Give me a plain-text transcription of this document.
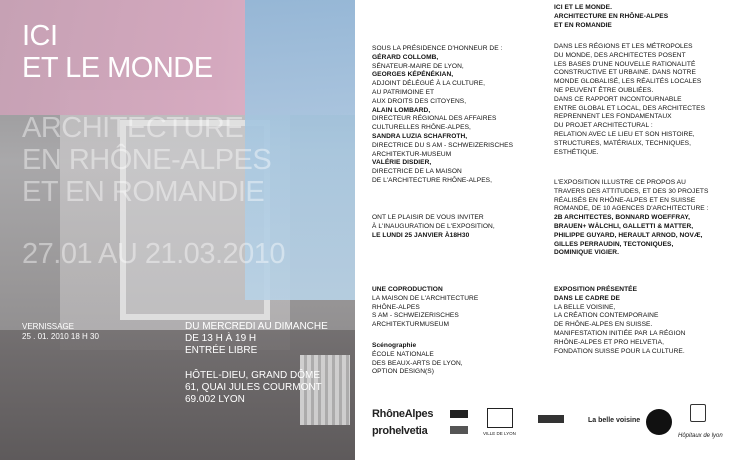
ICI
ET LE MONDE
ARCHITECTURE
EN RHÔNE-ALPES
ET EN ROMANDIE
27.01 AU 21.03.2010
VERNISSAGE
25 . 01. 2010 18 H 30
DU MERCREDI AU DIMANCHE
DE 13 H À 19 H
ENTRÉE LIBRE
HÔTEL-DIEU, GRAND DÔME
61, QUAI JULES COURMONT
69.002 LYON

SOUS LA PRÉSIDENCE D'HONNEUR DE :

GÉRARD COLLOMB,

SÉNATEUR-MAIRE DE LYON,

GEORGES KÉPÉNÉKIAN,

ADJOINT DÉLÉGUÉ À LA CULTURE,

AU PATRIMOINE ET

AUX DROITS DES CITOYENS,

ALAIN LOMBARD,

DIRECTEUR RÉGIONAL DES AFFAIRES

CULTURELLES RHÔNE-ALPES,

SANDRA LUZIA SCHAFROTH,

DIRECTRICE DU S AM - SCHWEIZERISCHES

ARCHITEKTUR-MUSEUM

VALÉRIE DISDIER,

DIRECTRICE DE LA MAISON

DE L'ARCHITECTURE RHÔNE-ALPES,

ONT LE PLAISIR DE VOUS INVITER

À L'INAUGURATION DE L'EXPOSITION,

LE LUNDI 25 JANVIER À18H30

UNE COPRODUCTION

LA MAISON DE L'ARCHITECTURE

RHÔNE-ALPES

S AM - SCHWEIZERISCHES

ARCHITEKTURMUSEUM

Scénographie

ÉCOLE NATIONALE

DES BEAUX-ARTS DE LYON,

OPTION DESIGN(S)

ICI ET LE MONDE.

ARCHITECTURE EN RHÔNE-ALPES

ET EN ROMANDIE

DANS LES RÉGIONS ET LES MÉTROPOLES

DU MONDE, DES ARCHITECTES POSENT

LES BASES D'UNE NOUVELLE RATIONALITÉ

CONSTRUCTIVE ET URBAINE. DANS NOTRE

MONDE GLOBALISÉ, LES RÉALITÉS LOCALES

NE PEUVENT ÊTRE OUBLIÉES.

DANS CE RAPPORT INCONTOURNABLE

ENTRE GLOBAL ET LOCAL, DES ARCHITECTES

REPRENNENT LES FONDAMENTAUX

DU PROJET ARCHITECTURAL :

RELATION AVEC LE LIEU ET SON HISTOIRE,

STRUCTURES, MATÉRIAUX, TECHNIQUES,

ESTHÉTIQUE.

L'EXPOSITION ILLUSTRE CE PROPOS AU

TRAVERS DES ATTITUDES, ET DES 30 PROJETS

RÉALISÉS EN RHÔNE-ALPES ET EN SUISSE

ROMANDE, DE 10 AGENCES D'ARCHITECTURE :

2B ARCHITECTES, BONNARD WOEFFRAY,

BRAUEN+ WÄLCHLI, GALLETTI & MATTER,

PHILIPPE GUYARD, HERAULT ARNOD, NOVÆ,

GILLES PERRAUDIN, TECTONIQUES,

DOMINIQUE VIGIER.

EXPOSITION PRÉSENTÉE

DANS LE CADRE DE

LA BELLE VOISINE,

LA CRÉATION CONTEMPORAINE

DE RHÔNE-ALPES EN SUISSE.

MANIFESTATION INITIÉE PAR LA RÉGION

RHÔNE-ALPES ET PRO HELVETIA,

FONDATION SUISSE POUR LA CULTURE.

RhôneAlpes
prohelvetia	VILLE DE LYON
La belle voisine
Hôpitaux de lyon
